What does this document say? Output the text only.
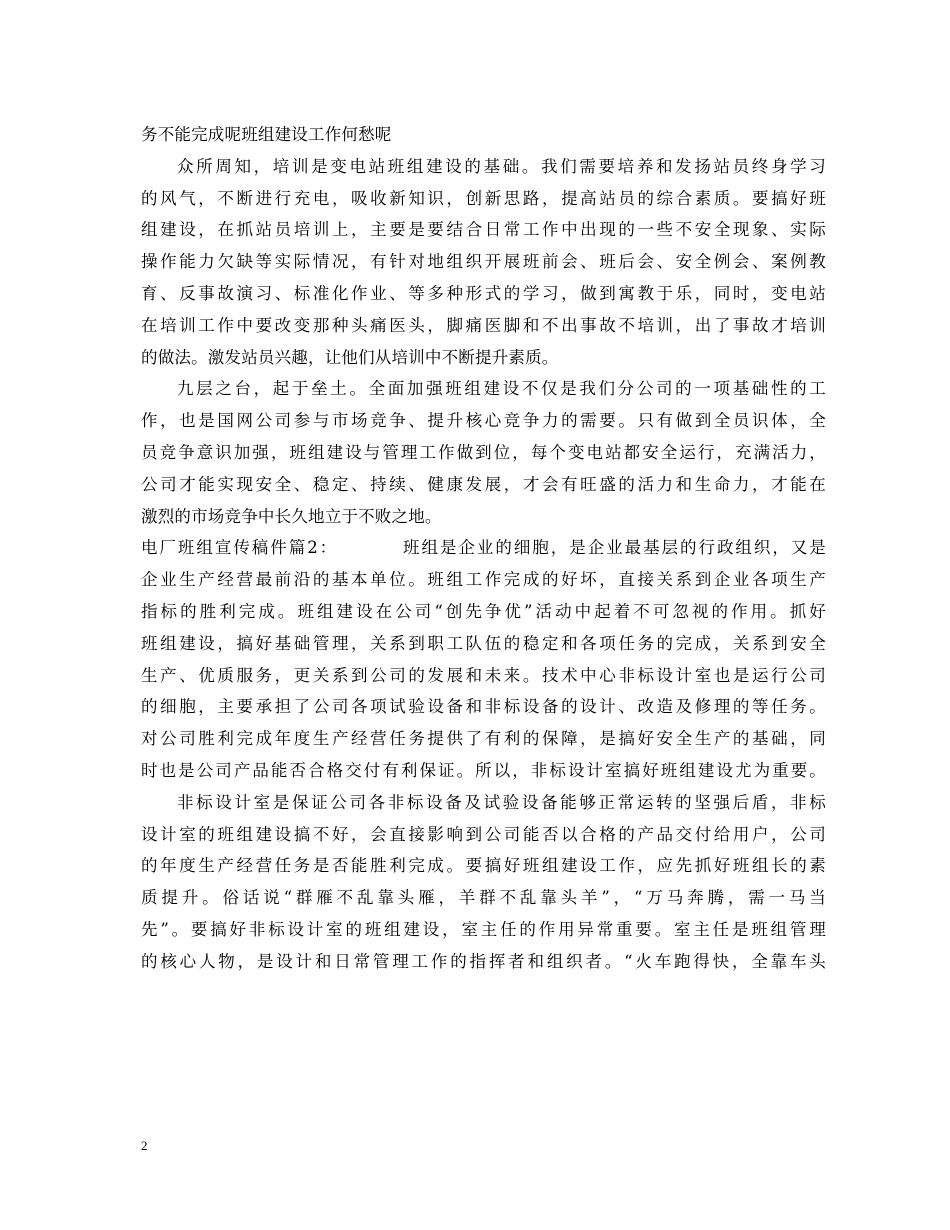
务不能完成呢班组建设工作何愁呢
众所周知，培训是变电站班组建设的基础。我们需要培养和发扬站员终身学习
的风气，不断进行充电，吸收新知识，创新思路，提高站员的综合素质。要搞好班
组建设，在抓站员培训上，主要是要结合日常工作中出现的一些不安全现象、实际
操作能力欠缺等实际情况，有针对地组织开展班前会、班后会、安全例会、案例教
育、反事故演习、标准化作业、等多种形式的学习，做到寓教于乐，同时，变电站
在培训工作中要改变那种头痛医头，脚痛医脚和不出事故不培训，出了事故才培训
的做法。激发站员兴趣，让他们从培训中不断提升素质。
九层之台，起于垒土。全面加强班组建设不仅是我们分公司的一项基础性的工
作，也是国网公司参与市场竞争、提升核心竞争力的需要。只有做到全员识体，全
员竞争意识加强，班组建设与管理工作做到位，每个变电站都安全运行，充满活力，
公司才能实现安全、稳定、持续、健康发展，才会有旺盛的活力和生命力，才能在
激烈的市场竞争中长久地立于不败之地。
电厂班组宣传稿件篇2：         班组是企业的细胞，是企业最基层的行政组织，又是
企业生产经营最前沿的基本单位。班组工作完成的好坏，直接关系到企业各项生产
指标的胜利完成。班组建设在公司“创先争优”活动中起着不可忽视的作用。抓好
班组建设，搞好基础管理，关系到职工队伍的稳定和各项任务的完成，关系到安全
生产、优质服务，更关系到公司的发展和未来。技术中心非标设计室也是运行公司
的细胞，主要承担了公司各项试验设备和非标设备的设计、改造及修理的等任务。
对公司胜利完成年度生产经营任务提供了有利的保障，是搞好安全生产的基础，同
时也是公司产品能否合格交付有利保证。所以，非标设计室搞好班组建设尤为重要。
非标设计室是保证公司各非标设备及试验设备能够正常运转的坚强后盾，非标
设计室的班组建设搞不好，会直接影响到公司能否以合格的产品交付给用户，公司
的年度生产经营任务是否能胜利完成。要搞好班组建设工作，应先抓好班组长的素
质提升。俗话说“群雁不乱靠头雁，羊群不乱靠头羊”，“万马奔腾，需一马当
先”。要搞好非标设计室的班组建设，室主任的作用异常重要。室主任是班组管理
的核心人物，是设计和日常管理工作的指挥者和组织者。“火车跑得快，全靠车头
2
